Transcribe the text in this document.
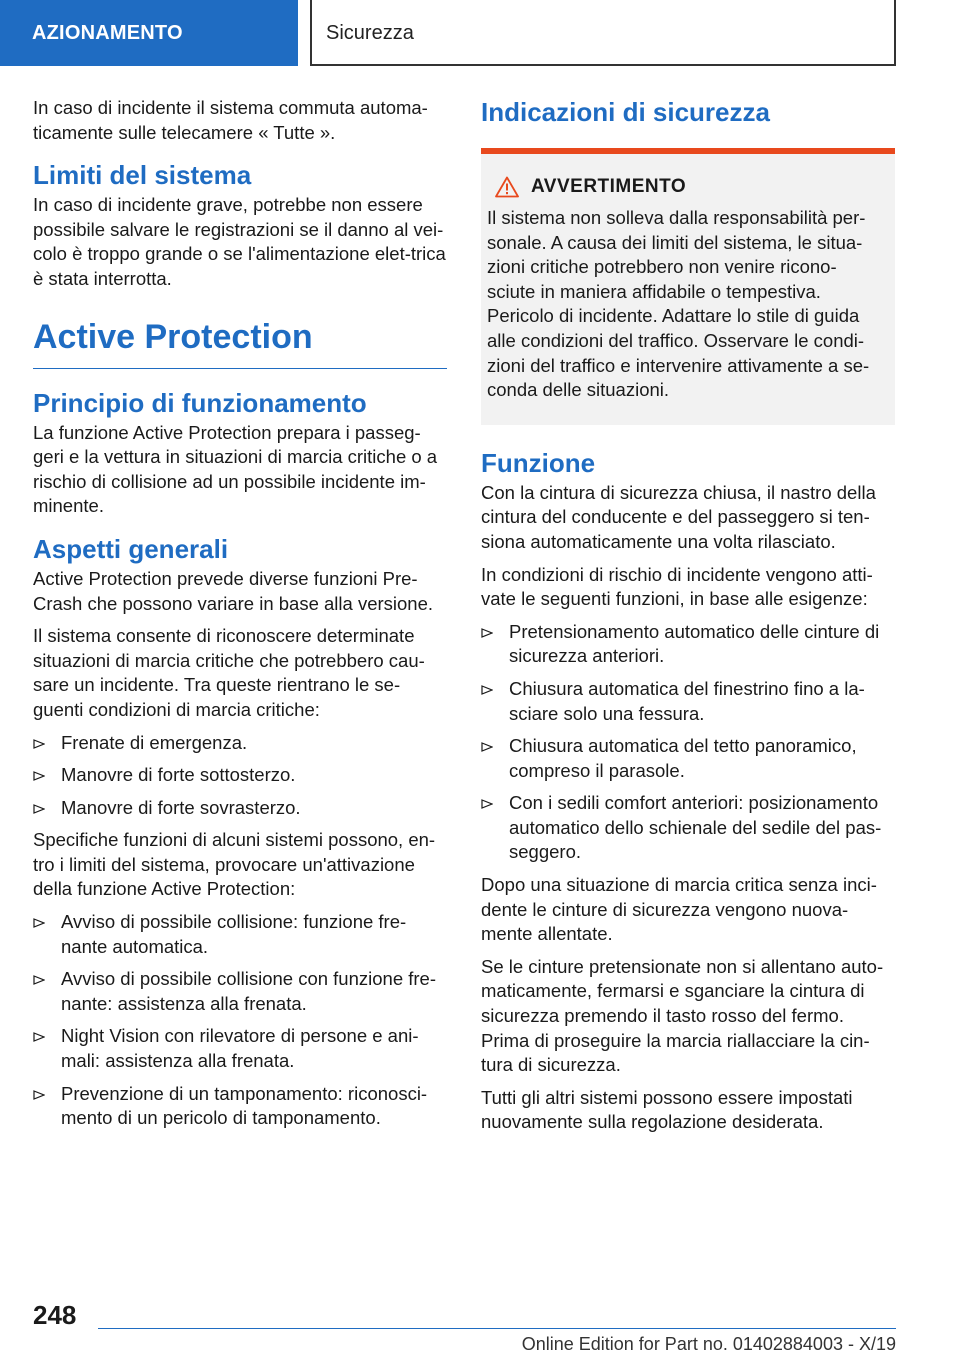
AZIONAMENTO	Sicurezza

In caso di incidente il sistema commuta automa-ticamente sulle telecamere « Tutte ».

Limiti del sistema

In caso di incidente grave, potrebbe non essere possibile salvare le registrazioni se il danno al vei-colo è troppo grande o se l'alimentazione elet-trica è stata interrotta.

Active Protection
Principio di funzionamento

La funzione Active Protection prepara i passeg-geri e la vettura in situazioni di marcia critiche o a rischio di collisione ad un possibile incidente im-minente.

Aspetti generali

Active Protection prevede diverse funzioni Pre-Crash che possono variare in base alla versione.

Il sistema consente di riconoscere determinate situazioni di marcia critiche che potrebbero cau-sare un incidente. Tra queste rientrano le se-guenti condizioni di marcia critiche:

Frenate di emergenza.
Manovre di forte sottosterzo.
Manovre di forte sovrasterzo.

Specifiche funzioni di alcuni sistemi possono, en-tro i limiti del sistema, provocare un'attivazione della funzione Active Protection:

Avviso di possibile collisione: funzione fre-nante automatica.
Avviso di possibile collisione con funzione fre-nante: assistenza alla frenata.
Night Vision con rilevatore di persone e ani-mali: assistenza alla frenata.
Prevenzione di un tamponamento: riconosci-mento di un pericolo di tamponamento.
Indicazioni di sicurezza
AVVERTIMENTO

Il sistema non solleva dalla responsabilità per-sonale. A causa dei limiti del sistema, le situa-zioni critiche potrebbero non venire ricono-sciute in maniera affidabile o tempestiva. Pericolo di incidente. Adattare lo stile di guida alle condizioni del traffico. Osservare le condi-zioni del traffico e intervenire attivamente a se-conda delle situazioni.

Funzione

Con la cintura di sicurezza chiusa, il nastro della cintura del conducente e del passeggero si ten-siona automaticamente una volta rilasciato.

In condizioni di rischio di incidente vengono atti-vate le seguenti funzioni, in base alle esigenze:

Pretensionamento automatico delle cinture di sicurezza anteriori.
Chiusura automatica del finestrino fino a la-sciare solo una fessura.
Chiusura automatica del tetto panoramico, compreso il parasole.
Con i sedili comfort anteriori: posizionamento automatico dello schienale del sedile del pas-seggero.

Dopo una situazione di marcia critica senza inci-dente le cinture di sicurezza vengono nuova-mente allentate.

Se le cinture pretensionate non si allentano auto-maticamente, fermarsi e sganciare la cintura di sicurezza premendo il tasto rosso del fermo. Prima di proseguire la marcia riallacciare la cin-tura di sicurezza.

Tutti gli altri sistemi possono essere impostati nuovamente sulla regolazione desiderata.

248
Online Edition for Part no. 01402884003 - X/19
